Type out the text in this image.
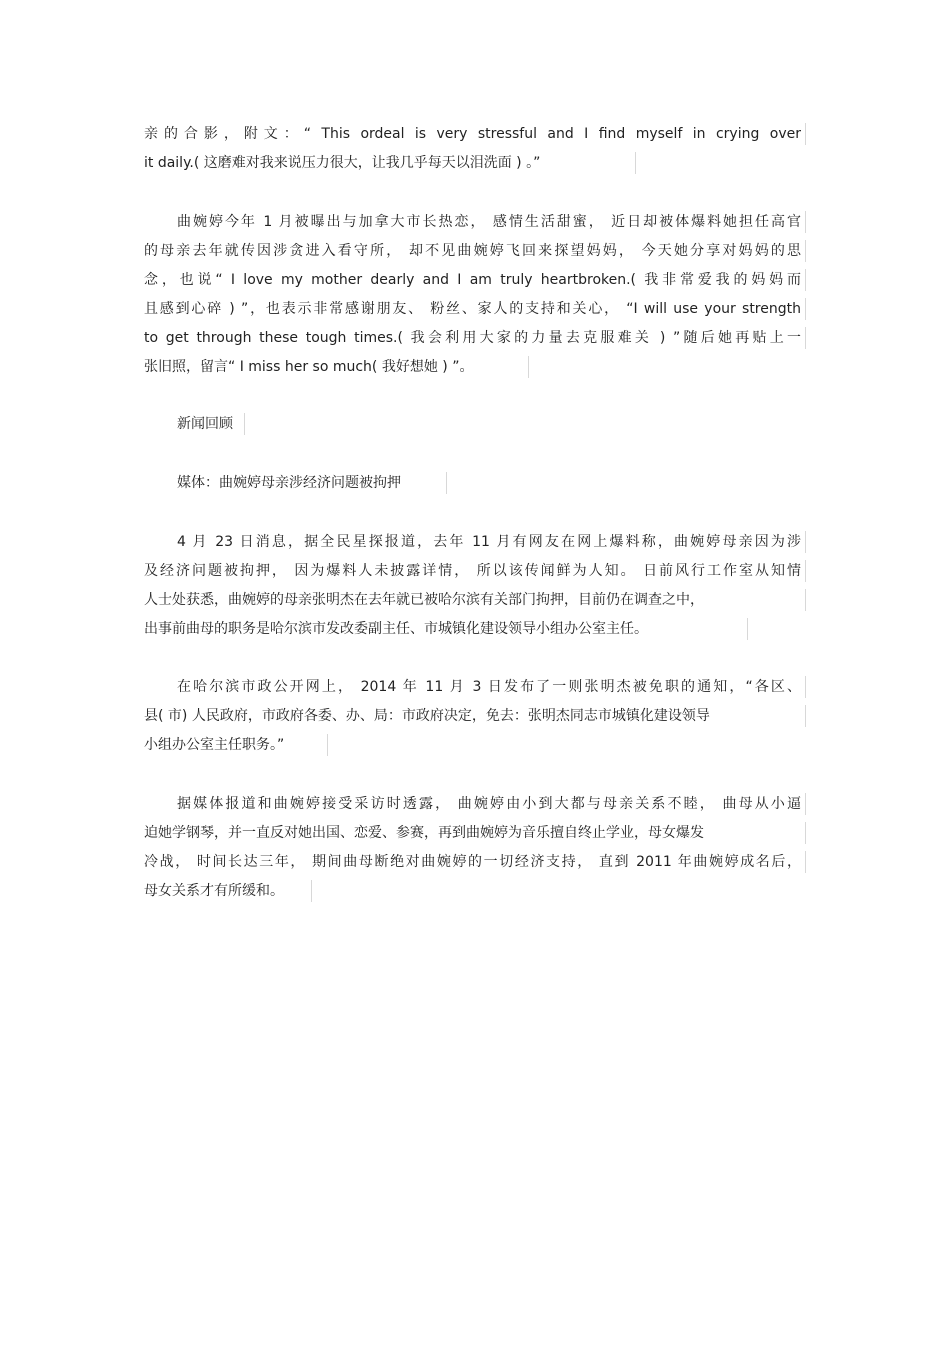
亲的合影，附文：“ This ordeal is very stressful and I find myself in crying over
it daily.( 这磨难对我来说压力很大，让我几乎每天以泪洗面 ) 。”
曲婉婷今年 1 月被曝出与加拿大市长热恋， 感情生活甜蜜， 近日却被体爆料她担任高官
的母亲去年就传因涉贪进入看守所， 却不见曲婉婷飞回来探望妈妈， 今天她分享对妈妈的思
念，也说“ I love my mother dearly and I am truly heartbroken.( 我非常爱我的妈妈而
且感到心碎 ) ”，也表示非常感谢朋友、 粉丝、家人的支持和关心， “I will use your strength
to get through these tough times.( 我会利用大家的力量去克服难关 ) ”随后她再贴上一
张旧照，留言“ I miss her so much( 我好想她 ) ”。
新闻回顾
媒体：曲婉婷母亲涉经济问题被拘押
4 月 23 日消息，据全民星探报道，去年 11 月有网友在网上爆料称，曲婉婷母亲因为涉
及经济问题被拘押， 因为爆料人未披露详情， 所以该传闻鲜为人知。 日前风行工作室从知情
人士处获悉，曲婉婷的母亲张明杰在去年就已被哈尔滨有关部门拘押，目前仍在调查之中，
出事前曲母的职务是哈尔滨市发改委副主任、市城镇化建设领导小组办公室主任。
在哈尔滨市政公开网上， 2014 年 11 月 3 日发布了一则张明杰被免职的通知，“各区、
县( 市) 人民政府，市政府各委、办、局：市政府决定，免去：张明杰同志市城镇化建设领导
小组办公室主任职务。”
据媒体报道和曲婉婷接受采访时透露， 曲婉婷由小到大都与母亲关系不睦， 曲母从小逼
迫她学钢琴，并一直反对她出国、恋爱、参赛，再到曲婉婷为音乐擅自终止学业，母女爆发
冷战， 时间长达三年， 期间曲母断绝对曲婉婷的一切经济支持， 直到 2011 年曲婉婷成名后，
母女关系才有所缓和。
